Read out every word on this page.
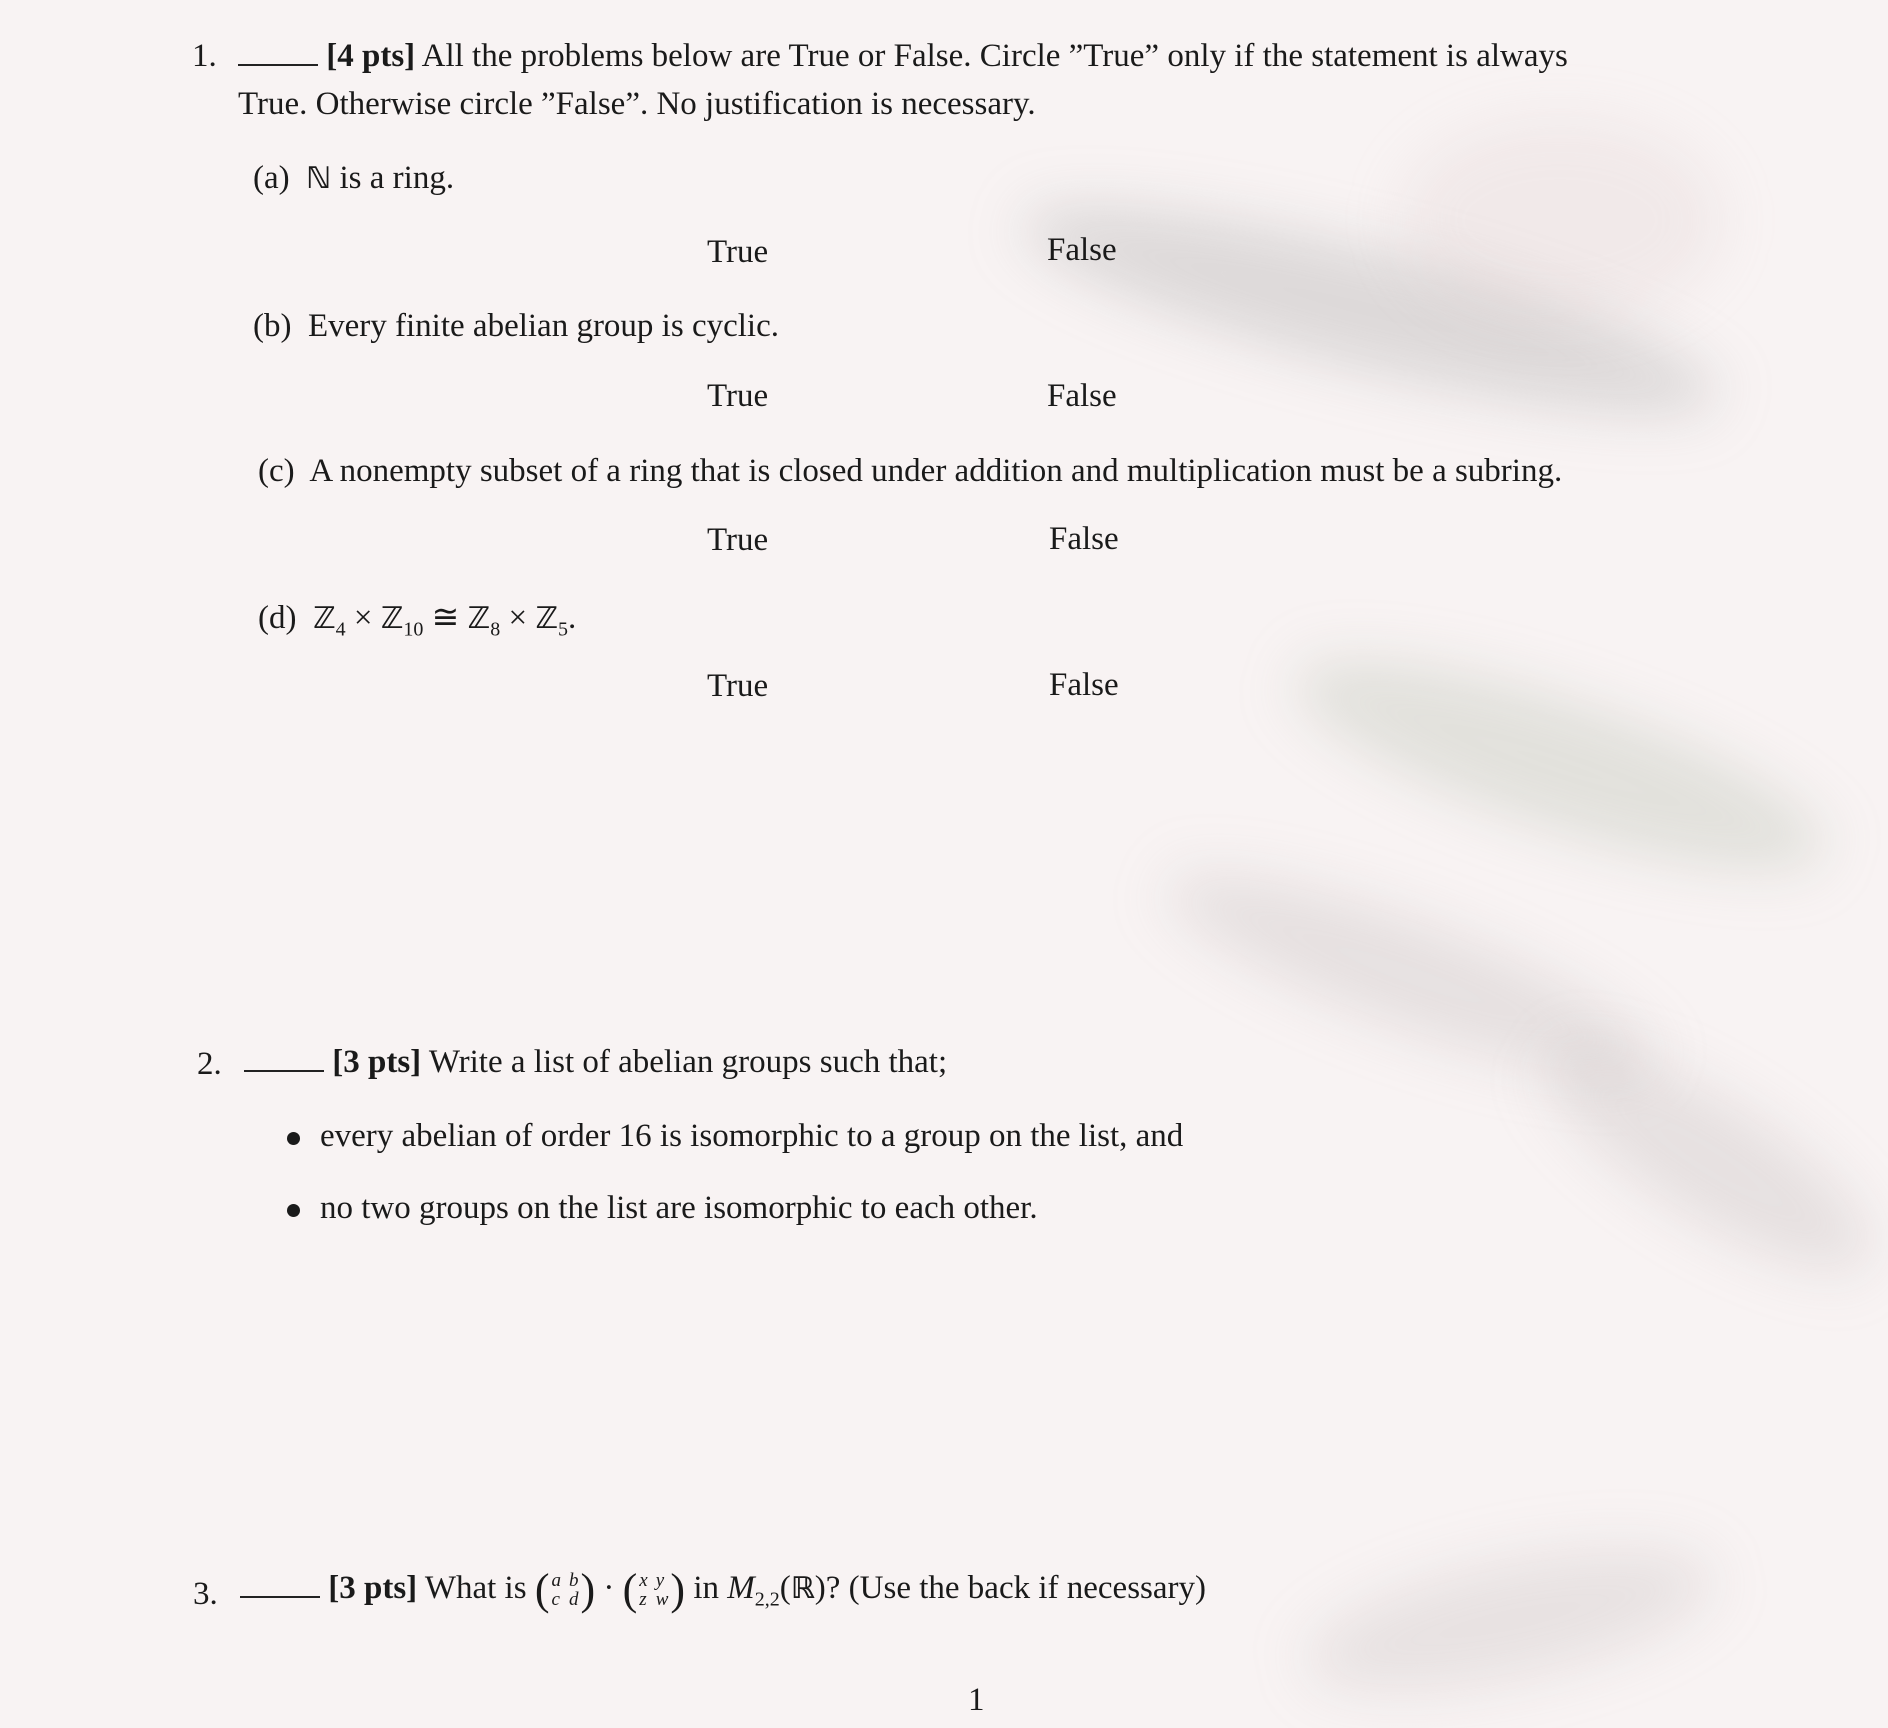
1.	[4 pts] All the problems below are True or False. Circle ”True” only if the statement is always
True. Otherwise circle ”False”. No justification is necessary.
(a) ℕ is a ring.
True	False
(b) Every finite abelian group is cyclic.
True	False
(c) A nonempty subset of a ring that is closed under addition and multiplication must be a subring.
True	False
(d) ℤ$_4$ × ℤ$_{10}$ ≅ ℤ$_8$ × ℤ$_5$.
True	False
2.	[3 pts] Write a list of abelian groups such that;
every abelian of order 16 is isomorphic to a group on the list, and
no two groups on the list are isomorphic to each other.
3.	[3 pts] What is ( a b
c d ) · ( x y
z w ) in $M_{2,2}(ℝ)$? (Use the back if necessary)
1
